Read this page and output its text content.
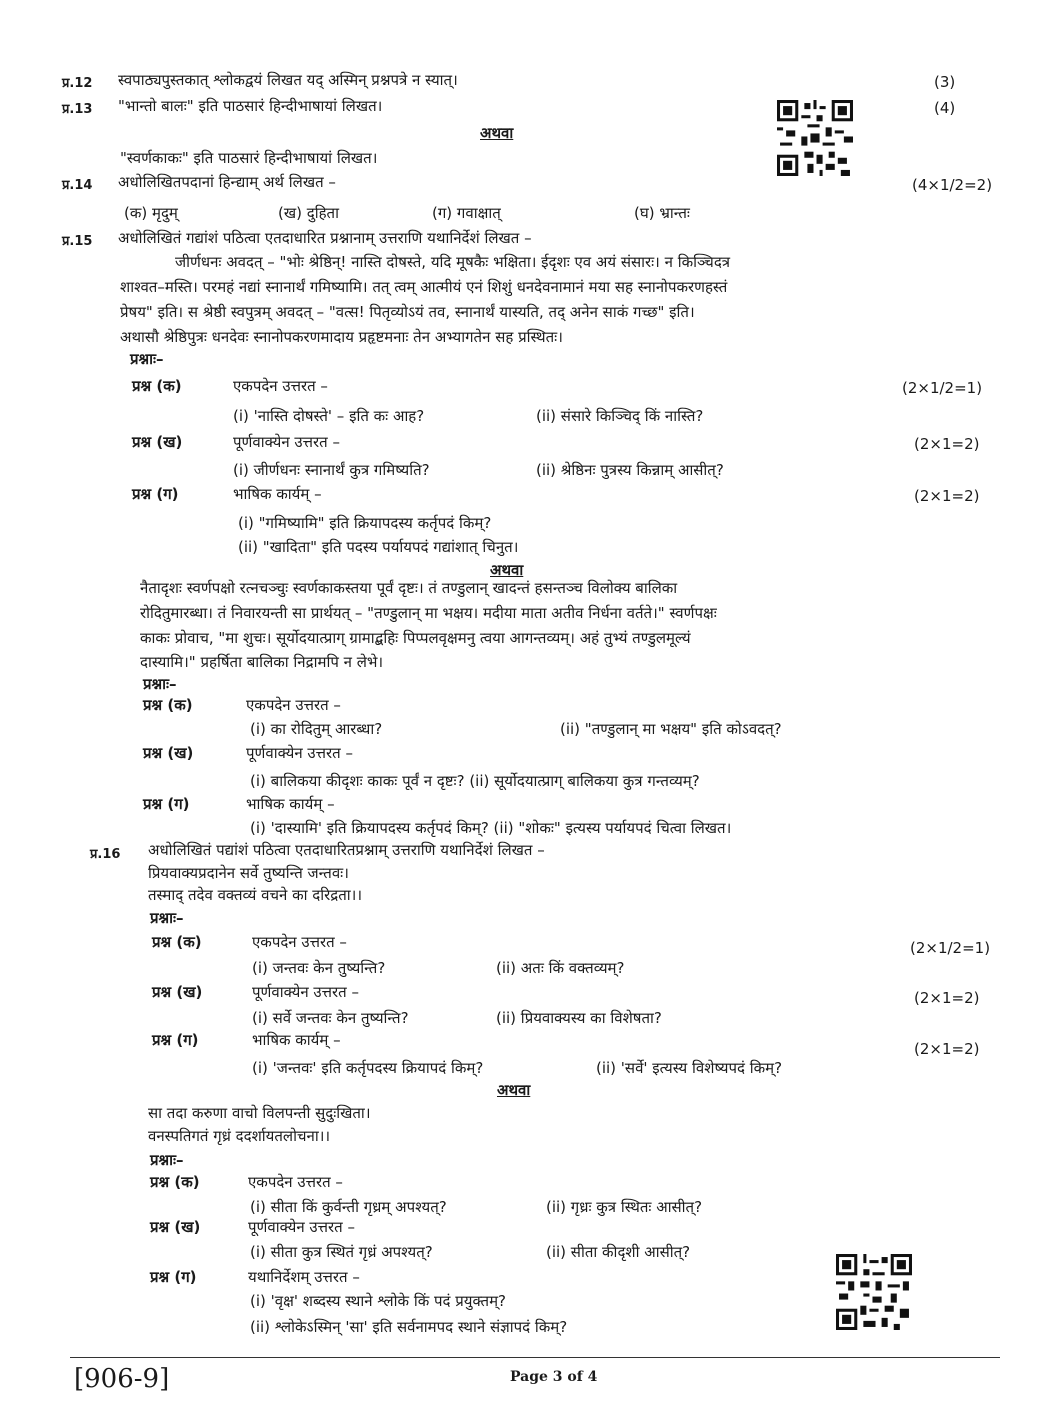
प्र.12 स्वपाठ्यपुस्तकात् श्लोकद्वयं लिखत यद् अस्मिन् प्रश्नपत्रे न स्यात्।	(3)
प्र.13 "भान्तो बालः" इति पाठसारं हिन्दीभाषायां लिखत।	(4)
अथवा
"स्वर्णकाकः" इति पाठसारं हिन्दीभाषायां लिखत।
प्र.14 अधोलिखितपदानां हिन्द्याम् अर्थ लिखत –	(4×1/2=2)
(क) मृदुम्	(ख) दुहिता	(ग) गवाक्षात्	(घ) भ्रान्तः
प्र.15 अधोलिखितं गद्यांशं पठित्वा एतदाधारित प्रश्नानाम् उत्तराणि यथानिर्देशं लिखत –
जीर्णधनः अवदत् – "भोः श्रेष्ठिन्! नास्ति दोषस्ते, यदि मूषकैः भक्षिता। ईदृशः एव अयं संसारः। न किञ्चिदत्र
शाश्वत–मस्ति। परमहं नद्यां स्नानार्थं गमिष्यामि। तत् त्वम् आत्मीयं एनं शिशुं धनदेवनामानं मया सह स्नानोपकरणहस्तं
प्रेषय" इति। स श्रेष्ठी स्वपुत्रम् अवदत् – "वत्स! पितृव्योऽयं तव, स्नानार्थं यास्यति, तद् अनेन साकं गच्छ" इति।
अथासौ श्रेष्ठिपुत्रः धनदेवः स्नानोपकरणमादाय प्रहृष्टमनाः तेन अभ्यागतेन सह प्रस्थितः।
प्रश्नाः–
प्रश्न (क)	एकपदेन उत्तरत –	(2×1/2=1)
(i) 'नास्ति दोषस्ते' – इति कः आह?	(ii) संसारे किञ्चिद् किं नास्ति?
प्रश्न (ख)	पूर्णवाक्येन उत्तरत –	(2×1=2)
(i) जीर्णधनः स्नानार्थं कुत्र गमिष्यति?	(ii) श्रेष्ठिनः पुत्रस्य किन्नाम् आसीत्?
प्रश्न (ग)	भाषिक कार्यम् –	(2×1=2)
(i) "गमिष्यामि" इति क्रियापदस्य कर्तृपदं किम्?
(ii) "खादिता" इति पदस्य पर्यायपदं गद्यांशात् चिनुत।
अथवा
नैतादृशः स्वर्णपक्षो रत्नचञ्चुः स्वर्णकाकस्तया पूर्वं दृष्टः। तं तण्डुलान् खादन्तं हसन्तञ्च विलोक्य बालिका
रोदितुमारब्धा। तं निवारयन्ती सा प्रार्थयत् – "तण्डुलान् मा भक्षय। मदीया माता अतीव निर्धना वर्तते।" स्वर्णपक्षः
काकः प्रोवाच, "मा शुचः। सूर्योदयात्प्राग् ग्रामाद्बहिः पिप्पलवृक्षमनु त्वया आगन्तव्यम्। अहं तुभ्यं तण्डुलमूल्यं
दास्यामि।" प्रहर्षिता बालिका निद्रामपि न लेभे।
प्रश्नाः–
प्रश्न (क)	एकपदेन उत्तरत –
(i) का रोदितुम् आरब्धा?	(ii) "तण्डुलान् मा भक्षय" इति कोऽवदत्?
प्रश्न (ख)	पूर्णवाक्येन उत्तरत –
(i) बालिकया कीदृशः काकः पूर्वं न दृष्टः? (ii) सूर्योदयात्प्राग् बालिकया कुत्र गन्तव्यम्?
प्रश्न (ग)	भाषिक कार्यम् –
(i) 'दास्यामि' इति क्रियापदस्य कर्तृपदं किम्? (ii) "शोकः" इत्यस्य पर्यायपदं चित्वा लिखत।
प्र.16 अधोलिखितं पद्यांशं पठित्वा एतदाधारितप्रश्नाम् उत्तराणि यथानिर्देशं लिखत –
प्रियवाक्यप्रदानेन सर्वे तुष्यन्ति जन्तवः।
तस्माद् तदेव वक्तव्यं वचने का दरिद्रता।।
प्रश्नाः–
प्रश्न (क)	एकपदेन उत्तरत –	(2×1/2=1)
(i) जन्तवः केन तुष्यन्ति?	(ii) अतः किं वक्तव्यम्?
प्रश्न (ख)	पूर्णवाक्येन उत्तरत –	(2×1=2)
(i) सर्वे जन्तवः केन तुष्यन्ति?	(ii) प्रियवाक्यस्य का विशेषता?
प्रश्न (ग)	भाषिक कार्यम् –	(2×1=2)
(i) 'जन्तवः' इति कर्तृपदस्य क्रियापदं किम्?	(ii) 'सर्वे' इत्यस्य विशेष्यपदं किम्?
अथवा
सा तदा करुणा वाचो विलपन्ती सुदुःखिता।
वनस्पतिगतं गृध्रं ददर्शायतलोचना।।
प्रश्नाः–
प्रश्न (क)	एकपदेन उत्तरत –
(i) सीता किं कुर्वन्ती गृध्रम् अपश्यत्?	(ii) गृध्रः कुत्र स्थितः आसीत्?
प्रश्न (ख)	पूर्णवाक्येन उत्तरत –
(i) सीता कुत्र स्थितं गृध्रं अपश्यत्?	(ii) सीता कीदृशी आसीत्?
प्रश्न (ग)	यथानिर्देशम् उत्तरत –
(i) 'वृक्ष' शब्दस्य स्थाने श्लोके किं पदं प्रयुक्तम्?
(ii) श्लोकेऽस्मिन् 'सा' इति सर्वनामपद स्थाने संज्ञापदं किम्?
[906-9]	Page 3 of 4
